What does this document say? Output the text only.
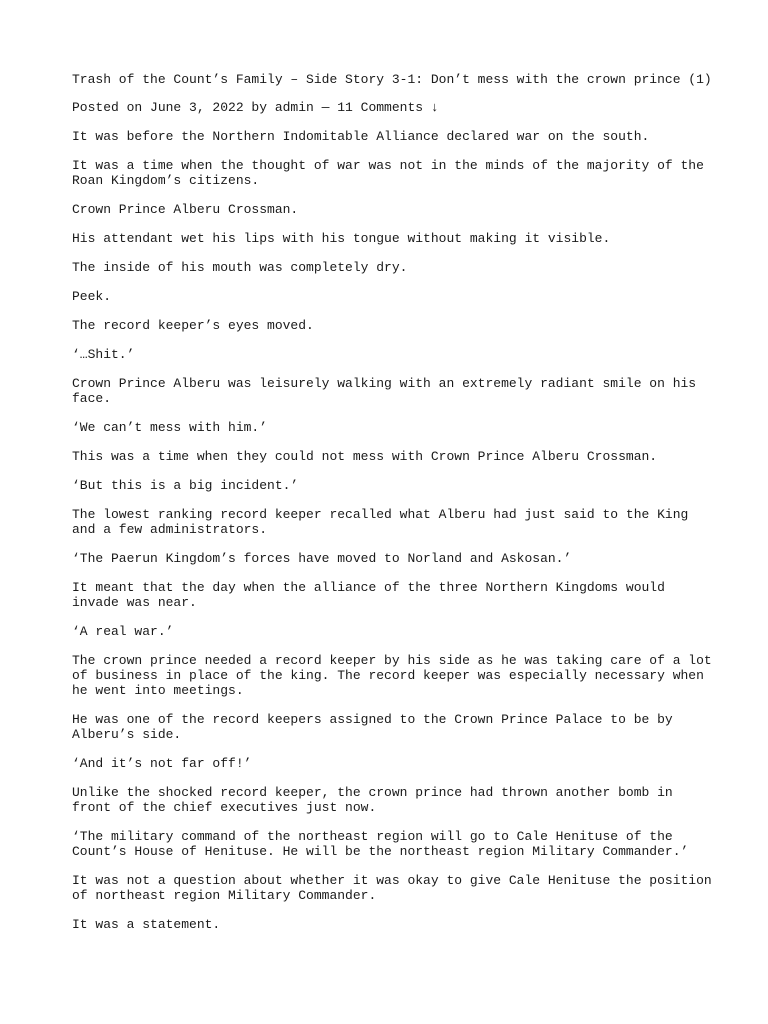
Trash of the Count’s Family – Side Story 3-1: Don’t mess with the crown prince (1)
Posted on June 3, 2022 by admin — 11 Comments ↓
It was before the Northern Indomitable Alliance declared war on the south.
It was a time when the thought of war was not in the minds of the majority of the Roan Kingdom’s citizens.
Crown Prince Alberu Crossman.
His attendant wet his lips with his tongue without making it visible.
The inside of his mouth was completely dry.
Peek.
The record keeper’s eyes moved.
‘…Shit.’
Crown Prince Alberu was leisurely walking with an extremely radiant smile on his face.
‘We can’t mess with him.’
This was a time when they could not mess with Crown Prince Alberu Crossman.
‘But this is a big incident.’
The lowest ranking record keeper recalled what Alberu had just said to the King and a few administrators.
‘The Paerun Kingdom’s forces have moved to Norland and Askosan.’
It meant that the day when the alliance of the three Northern Kingdoms would invade was near.
‘A real war.’
The crown prince needed a record keeper by his side as he was taking care of a lot of business in place of the king. The record keeper was especially necessary when he went into meetings.
He was one of the record keepers assigned to the Crown Prince Palace to be by Alberu’s side.
‘And it’s not far off!’
Unlike the shocked record keeper, the crown prince had thrown another bomb in front of the chief executives just now.
‘The military command of the northeast region will go to Cale Henituse of the Count’s House of Henituse. He will be the northeast region Military Commander.’
It was not a question about whether it was okay to give Cale Henituse the position of northeast region Military Commander.
It was a statement.
